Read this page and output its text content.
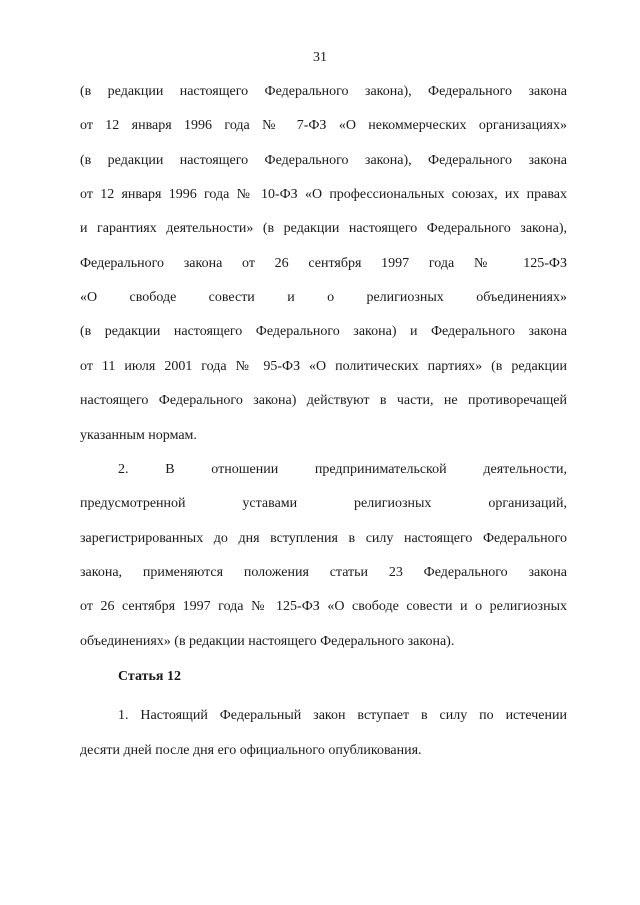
31
(в редакции настоящего Федерального закона), Федерального закона
от 12 января 1996 года № 7-ФЗ «О некоммерческих организациях»
(в редакции настоящего Федерального закона), Федерального закона
от 12 января 1996 года № 10-ФЗ «О профессиональных союзах, их правах
и гарантиях деятельности» (в редакции настоящего Федерального закона),
Федерального закона от 26 сентября 1997 года № 125-ФЗ
«О свободе совести и о религиозных объединениях»
(в редакции настоящего Федерального закона) и Федерального закона
от 11 июля 2001 года № 95-ФЗ «О политических партиях» (в редакции
настоящего Федерального закона) действуют в части, не противоречащей
указанным нормам.
2. В отношении предпринимательской деятельности,
предусмотренной уставами религиозных организаций,
зарегистрированных до дня вступления в силу настоящего Федерального
закона, применяются положения статьи 23 Федерального закона
от 26 сентября 1997 года № 125-ФЗ «О свободе совести и о религиозных
объединениях» (в редакции настоящего Федерального закона).
Статья 12
1. Настоящий Федеральный закон вступает в силу по истечении
десяти дней после дня его официального опубликования.
